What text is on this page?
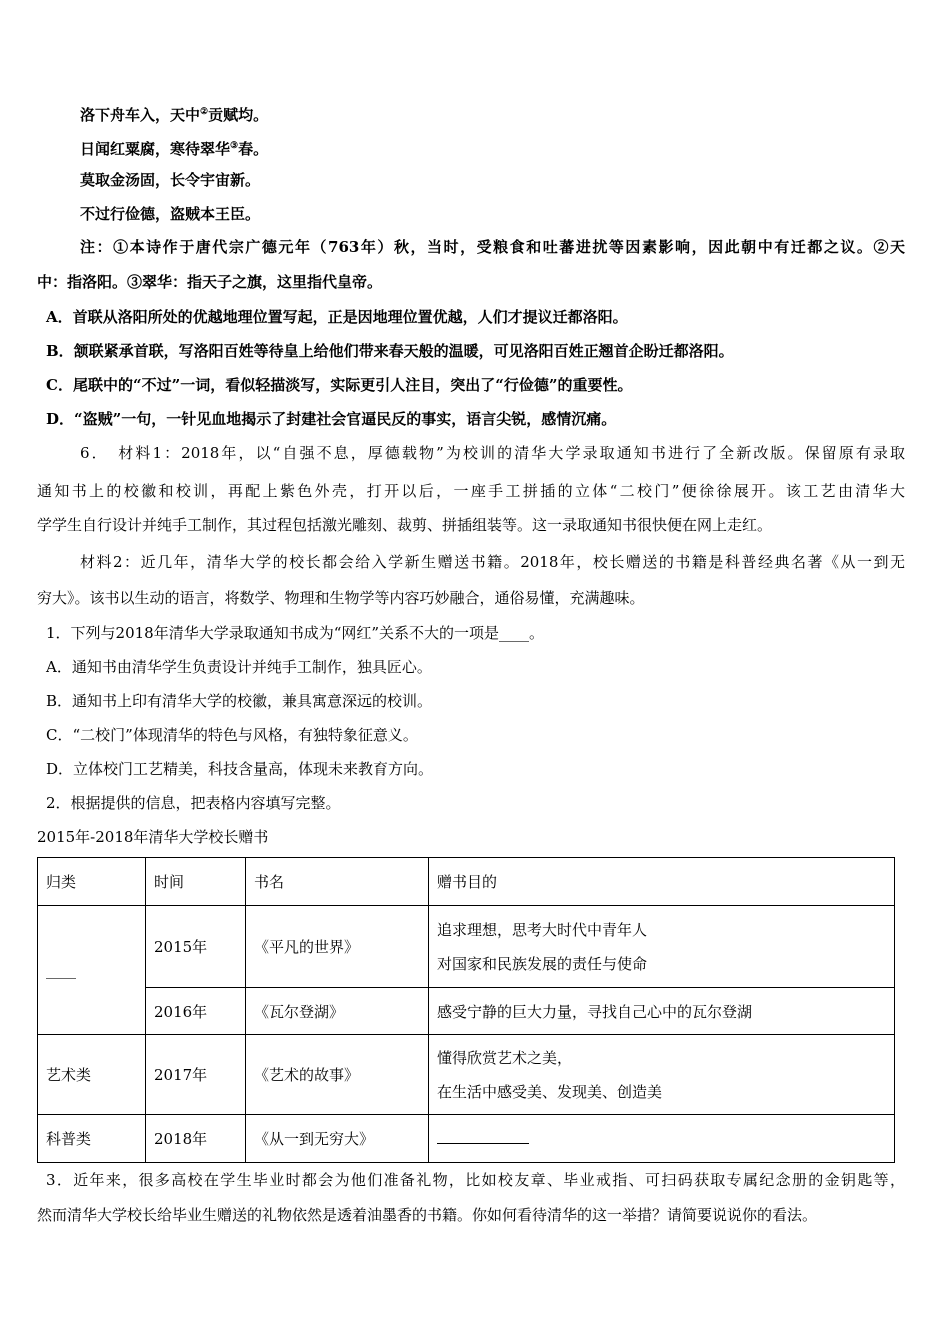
洛下舟车入，天中②贡赋均。
日闻红粟腐，寒待翠华③春。
莫取金汤固，长令宇宙新。
不过行俭德，盗贼本王臣。
注：①本诗作于唐代宗广德元年（763年）秋，当时，受粮食和吐蕃进扰等因素影响，因此朝中有迁都之议。②天
中：指洛阳。③翠华：指天子之旗，这里指代皇帝。
A．首联从洛阳所处的优越地理位置写起，正是因地理位置优越，人们才提议迁都洛阳。
B．颔联紧承首联，写洛阳百姓等待皇上给他们带来春天般的温暖，可见洛阳百姓正翘首企盼迁都洛阳。
C．尾联中的“不过”一词，看似轻描淡写，实际更引人注目，突出了“行俭德”的重要性。
D．“盗贼”一句，一针见血地揭示了封建社会官逼民反的事实，语言尖锐，感情沉痛。
6．　材料1：2018年，以“自强不息，厚德载物”为校训的清华大学录取通知书进行了全新改版。保留原有录取
通知书上的校徽和校训，再配上紫色外壳，打开以后，一座手工拼插的立体“二校门”便徐徐展开。该工艺由清华大
学学生自行设计并纯手工制作，其过程包括激光雕刻、裁剪、拼插组装等。这一录取通知书很快便在网上走红。
材料2：近几年，清华大学的校长都会给入学新生赠送书籍。2018年，校长赠送的书籍是科普经典名著《从一到无
穷大》。该书以生动的语言，将数学、物理和生物学等内容巧妙融合，通俗易懂，充满趣味。
1．下列与2018年清华大学录取通知书成为“网红”关系不大的一项是____。
A．通知书由清华学生负责设计并纯手工制作，独具匠心。
B．通知书上印有清华大学的校徽，兼具寓意深远的校训。
C．“二校门”体现清华的特色与风格，有独特象征意义。
D．立体校门工艺精美，科技含量高，体现未来教育方向。
2．根据提供的信息，把表格内容填写完整。
2015年-2018年清华大学校长赠书
归类	时间	书名	赠书目的
____	2015年	《平凡的世界》	追求理想，思考大时代中青年人
对国家和民族发展的责任与使命

	2016年	《瓦尔登湖》	感受宁静的巨大力量，寻找自己心中的瓦尔登湖
艺术类	2017年	《艺术的故事》	懂得欣赏艺术之美，
在生活中感受美、发现美、创造美

科普类	2018年	《从一到无穷大》	
3．近年来，很多高校在学生毕业时都会为他们准备礼物，比如校友章、毕业戒指、可扫码获取专属纪念册的金钥匙等，
然而清华大学校长给毕业生赠送的礼物依然是透着油墨香的书籍。你如何看待清华的这一举措？请简要说说你的看法。
